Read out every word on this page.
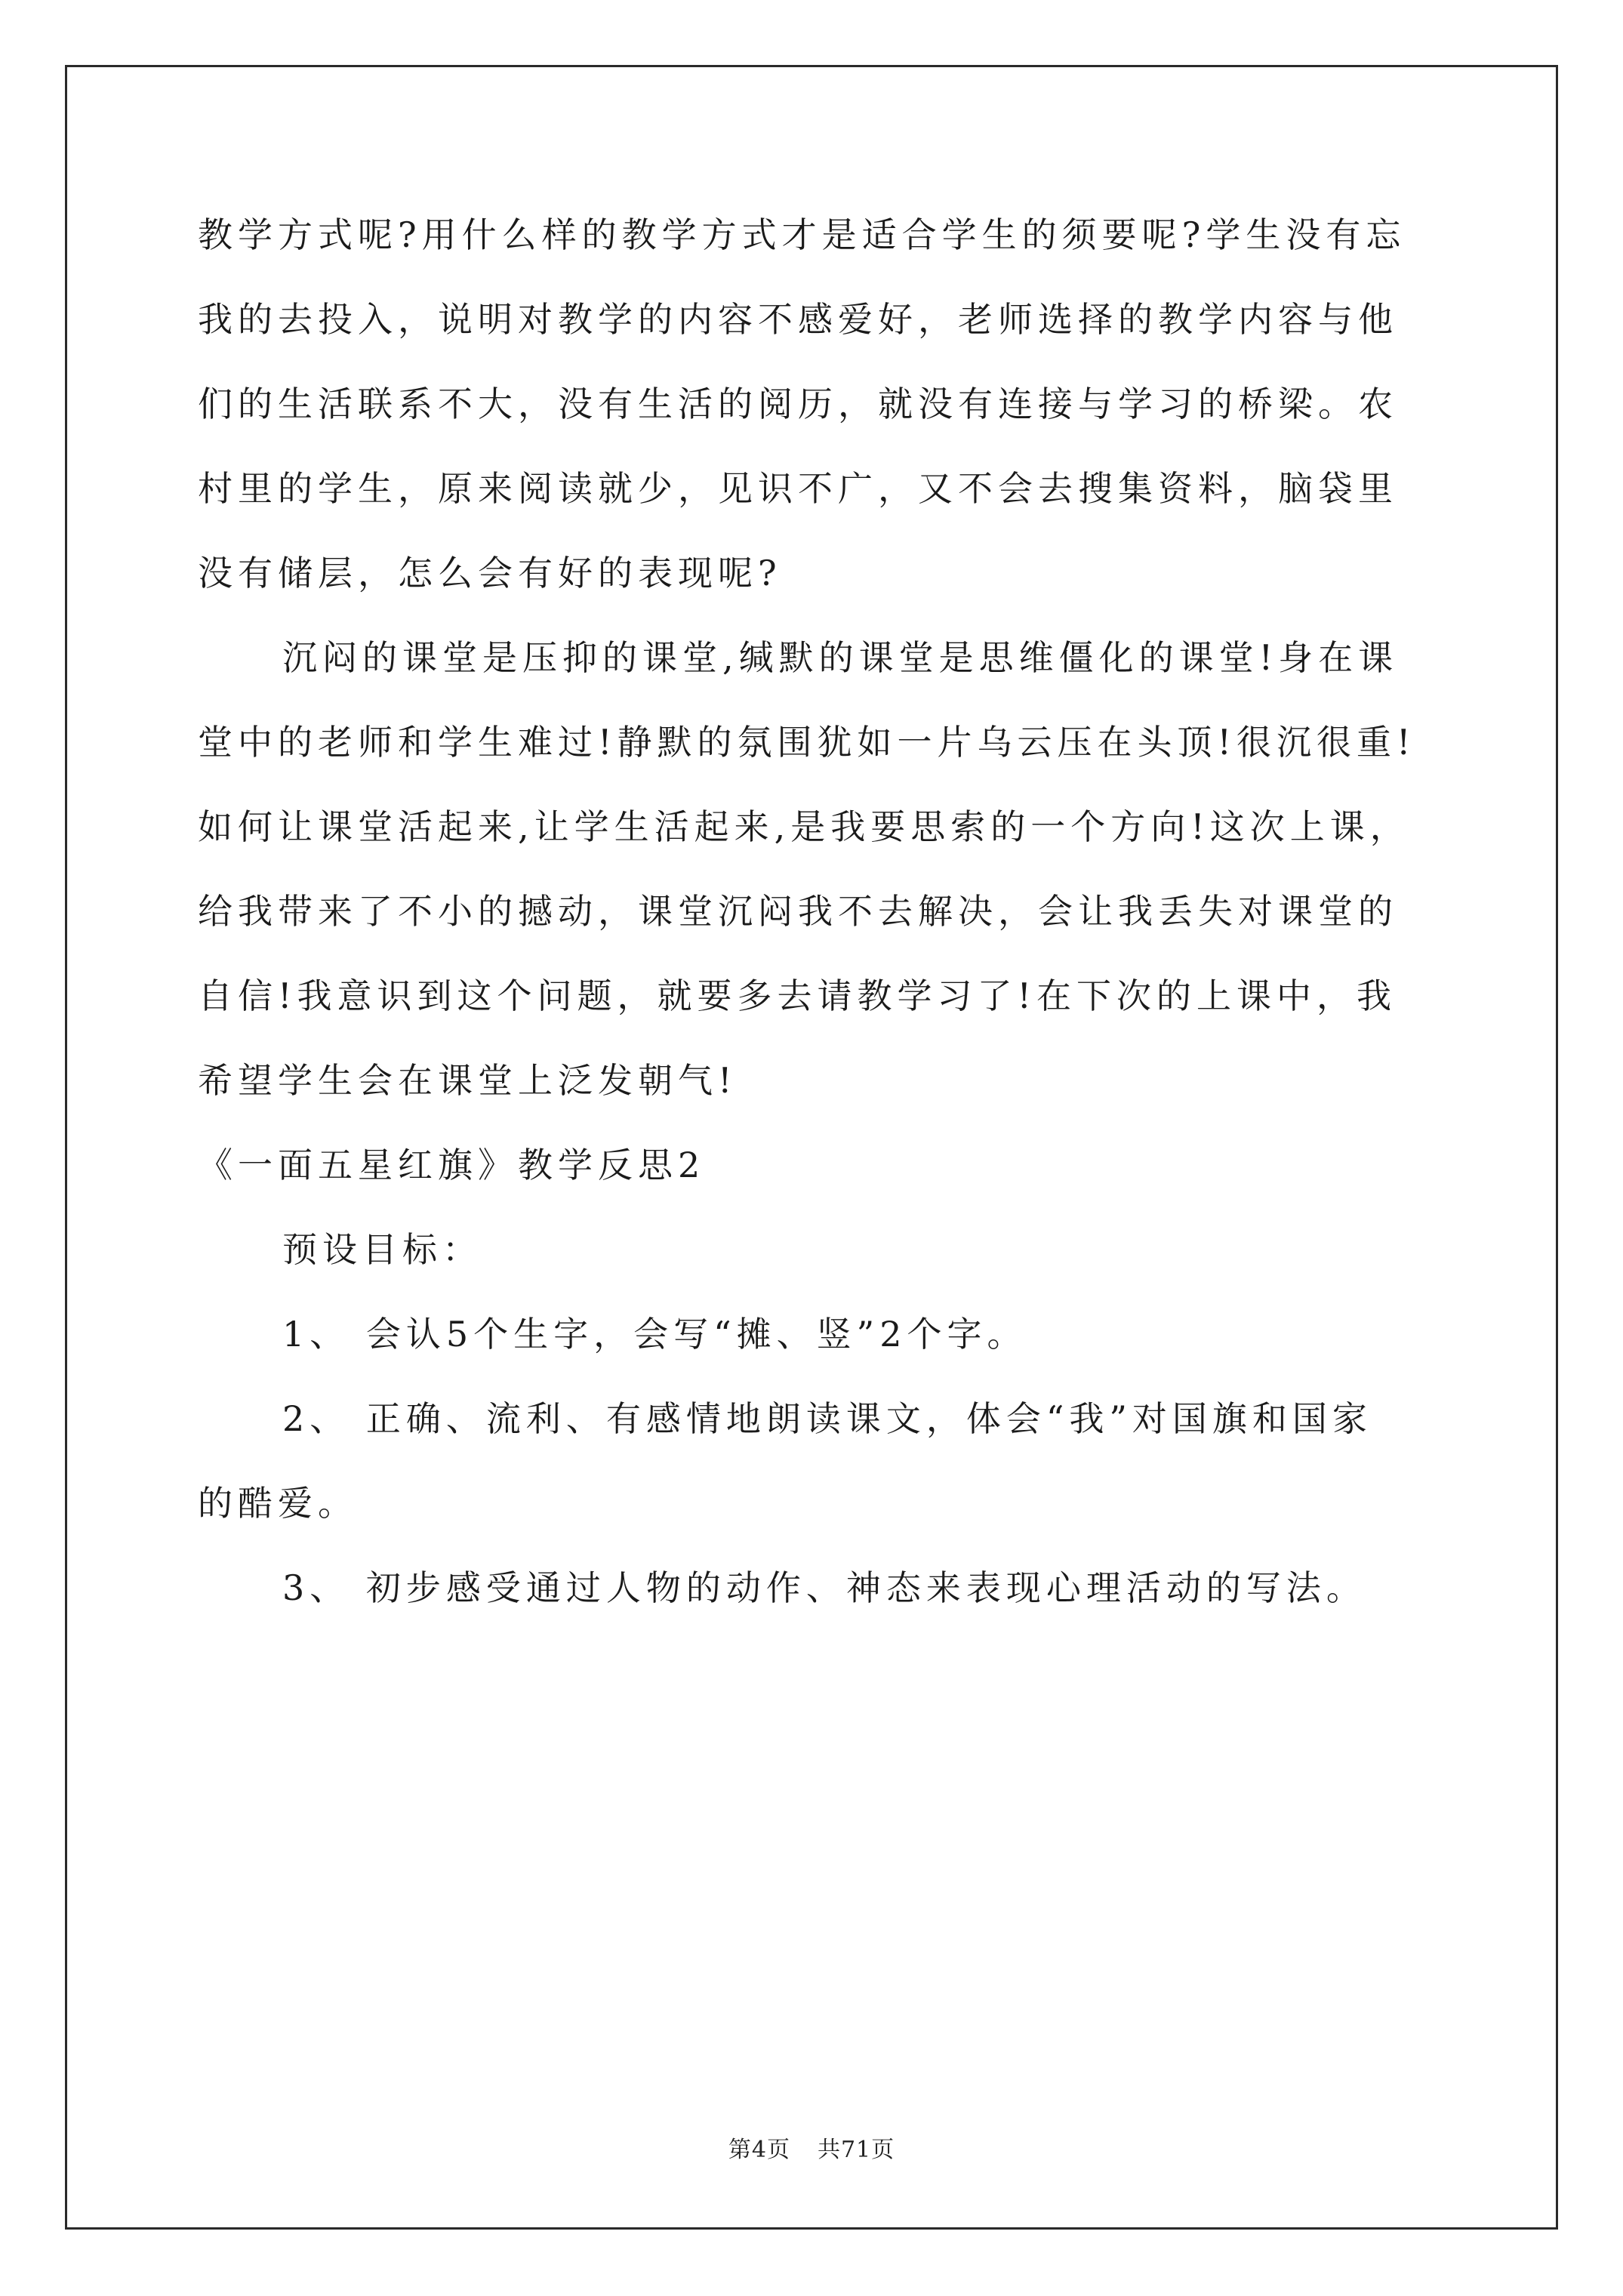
教学方式呢?用什么样的教学方式才是适合学生的须要呢?学生没有忘
我的去投入，说明对教学的内容不感爱好，老师选择的教学内容与他
们的生活联系不大，没有生活的阅历，就没有连接与学习的桥梁。农
村里的学生，原来阅读就少，见识不广，又不会去搜集资料，脑袋里
没有储层，怎么会有好的表现呢?
沉闷的课堂是压抑的课堂,缄默的课堂是思维僵化的课堂!身在课
堂中的老师和学生难过!静默的氛围犹如一片乌云压在头顶!很沉很重!
如何让课堂活起来,让学生活起来,是我要思索的一个方向!这次上课，
给我带来了不小的撼动，课堂沉闷我不去解决，会让我丢失对课堂的
自信!我意识到这个问题，就要多去请教学习了!在下次的上课中，我
希望学生会在课堂上泛发朝气!
《一面五星红旗》教学反思2
预设目标：
1、 会认5个生字，会写“摊、竖”2个字。
2、 正确、流利、有感情地朗读课文，体会“我”对国旗和国家
的酷爱。
3、 初步感受通过人物的动作、神态来表现心理活动的写法。
第4页 共71页
